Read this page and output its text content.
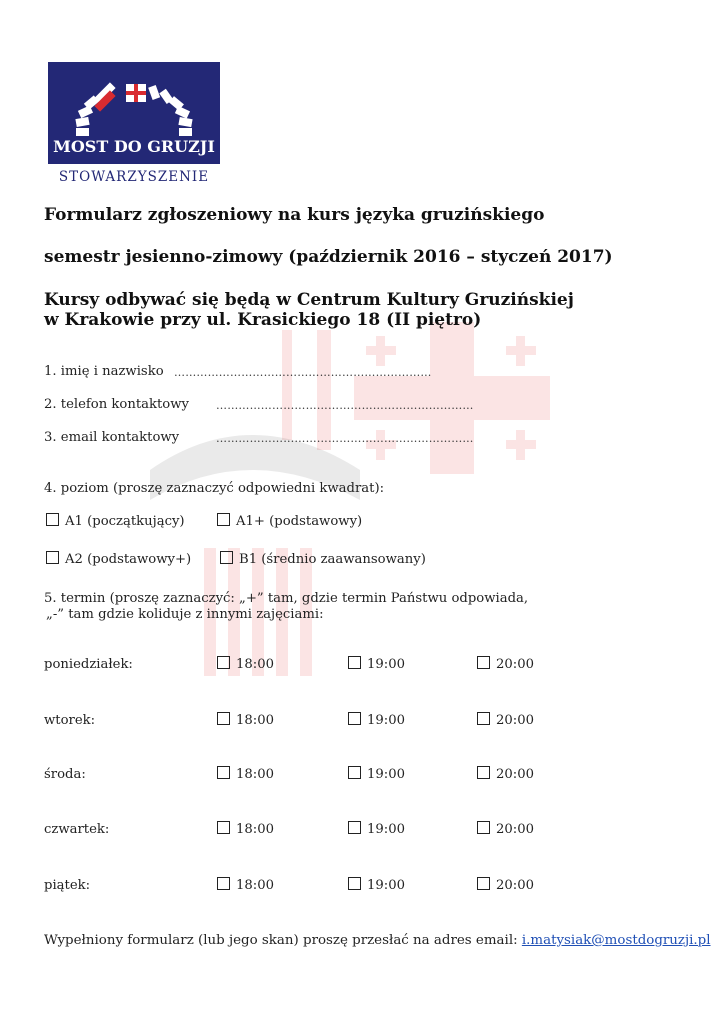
MOST DO GRUZJI
STOWARZYSZENIE
Formularz zgłoszeniowy na kurs języka gruzińskiego
semestr jesienno-zimowy (październik 2016 – styczeń 2017)
Kursy odbywać się będą w Centrum Kultury Gruzińskiej
w Krakowie przy ul. Krasickiego 18 (II piętro)
1. imię i nazwisko ……………………………………………………………
2. telefon kontaktowy ……………………………………………………………
3. email kontaktowy	……………………………………………………………
4. poziom (proszę zaznaczyć odpowiedni kwadrat):
A1 (początkujący)	A1+ (podstawowy)
A2 (podstawowy+)	B1 (średnio zaawansowany)
5. termin (proszę zaznaczyć: „+” tam, gdzie termin Państwu odpowiada,
„-” tam gdzie koliduje z innymi zajęciami:
poniedziałek:	18:00	19:00	20:00
wtorek:	18:00	19:00	20:00
środa:	18:00	19:00	20:00
czwartek:	18:00	19:00	20:00
piątek:	18:00	19:00	20:00
Wypełniony formularz (lub jego skan) proszę przesłać na adres email: i.matysiak@mostdogruzji.pl
